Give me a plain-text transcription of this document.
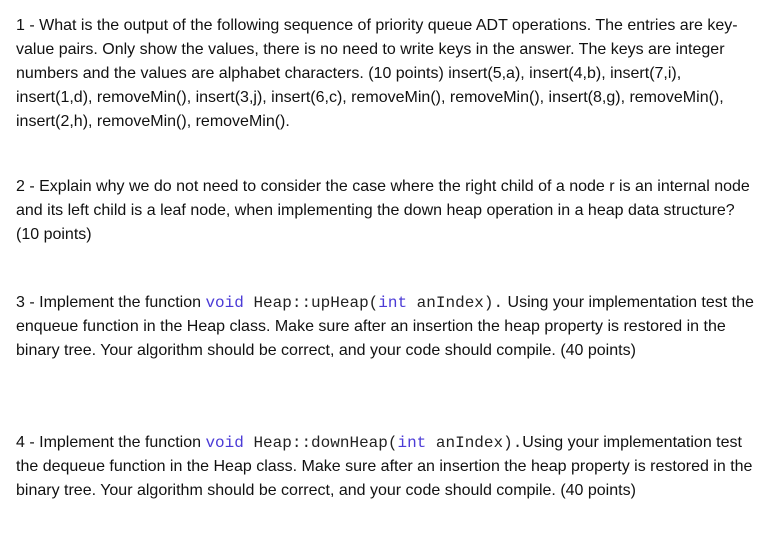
1 - What is the output of the following sequence of priority queue ADT operations. The entries are key-value pairs. Only show the values, there is no need to write keys in the answer. The keys are integer numbers and the values are alphabet characters. (10 points) insert(5,a), insert(4,b), insert(7,i), insert(1,d), removeMin(), insert(3,j), insert(6,c), removeMin(), removeMin(), insert(8,g), removeMin(), insert(2,h), removeMin(), removeMin().
2 - Explain why we do not need to consider the case where the right child of a node r is an internal node and its left child is a leaf node, when implementing the down heap operation in a heap data structure? (10 points)
3 - Implement the function void Heap::upHeap(int anIndex). Using your implementation test the enqueue function in the Heap class. Make sure after an insertion the heap property is restored in the binary tree. Your algorithm should be correct, and your code should compile. (40 points)
4 - Implement the function void Heap::downHeap(int anIndex).Using your implementation test the dequeue function in the Heap class. Make sure after an insertion the heap property is restored in the binary tree. Your algorithm should be correct, and your code should compile. (40 points)
